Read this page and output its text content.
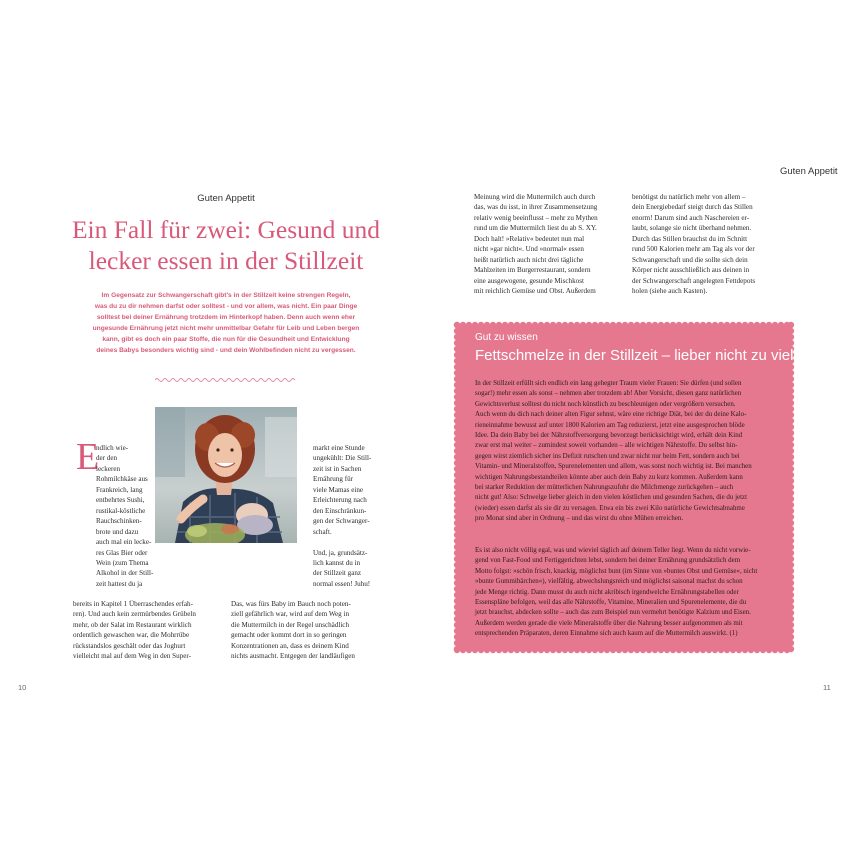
Guten Appetit
Ein Fall für zwei: Gesund und
lecker essen in der Stillzeit
Im Gegensatz zur Schwangerschaft gibt's in der Stillzeit keine strengen Regeln,
was du zu dir nehmen darfst oder solltest - und vor allem, was nicht. Ein paar Dinge
solltest bei deiner Ernährung trotzdem im Hinterkopf haben. Denn auch wenn eher
ungesunde Ernährung jetzt nicht mehr unmittelbar Gefahr für Leib und Leben bergen
kann, gibt es doch ein paar Stoffe, die nun für die Gesundheit und Entwicklung
deines Babys besonders wichtig sind - und dein Wohlbefinden nicht zu vergessen.
E
ndlich wie-
der den
leckeren
Rohmilchkäse aus
Frankreich, lang
entbehrtes Sushi,
rustikal-köstliche
Rauchschinken-
brote und dazu
auch mal ein lecke-
res Glas Bier oder
Wein (zum Thema
Alkohol in der Still-
zeit hattest du ja
bereits in Kapitel 1 Überraschendes erfah-
ren). Und auch kein zermürbendes Grübeln
mehr, ob der Salat im Restaurant wirklich
ordentlich gewaschen war, die Mohrrübe
rückstandslos geschält oder das Joghurt
vielleicht mal auf dem Weg in den Super-
markt eine Stunde
ungekühlt: Die Still-
zeit ist in Sachen
Ernährung für
viele Mamas eine
Erleichterung nach
den Einschränkun-
gen der Schwanger-
schaft.
Und, ja, grundsätz-
lich kannst du in
der Stillzeit ganz
normal essen! Juhu!
Das, was fürs Baby im Bauch noch poten-
ziell gefährlich war, wird auf dem Weg in
die Muttermilch in der Regel unschädlich
gemacht oder kommt dort in so geringen
Konzentrationen an, dass es deinem Kind
nichts ausmacht. Entgegen der landläufigen
10
Guten Appetit
Meinung wird die Muttermilch auch durch
das, was du isst, in ihrer Zusammensetzung
relativ wenig beeinflusst – mehr zu Mythen
rund um die Muttermilch liest du ab S. XY.
Doch halt! »Relativ« bedeutet nun mal
nicht »gar nicht«. Und »normal« essen
heißt natürlich auch nicht drei tägliche
Mahlzeiten im Burgerrestaurant, sondern
eine ausgewogene, gesunde Mischkost
mit reichlich Gemüse und Obst. Außerdem
benötigst du natürlich mehr von allem –
dein Energiebedarf steigt durch das Stillen
enorm! Darum sind auch Naschereien er-
laubt, solange sie nicht überhand nehmen.
Durch das Stillen brauchst du im Schnitt
rund 500 Kalorien mehr am Tag als vor der
Schwangerschaft und die sollte sich dein
Körper nicht ausschließlich aus deinen in
der Schwangerschaft angelegten Fettdepots
holen (siehe auch Kasten).
Gut zu wissen
Fettschmelze in der Stillzeit – lieber nicht zu viel!
In der Stillzeit erfüllt sich endlich ein lang gehegter Traum vieler Frauen: Sie dürfen (und sollen
sogar!) mehr essen als sonst – nehmen aber trotzdem ab! Aber Vorsicht, diesen ganz natürlichen
Gewichtsverlust solltest du nicht noch künstlich zu beschleunigen oder vergrößern versuchen.
Auch wenn du dich nach deiner alten Figur sehnst, wäre eine richtige Diät, bei der du deine Kalo-
rieneinnahme bewusst auf unter 1800 Kalorien am Tag reduzierst, jetzt eine ausgesprochen blöde
Idee. Da dein Baby bei der Nährstoffversorgung bevorzugt berücksichtigt wird, erhält dein Kind
zwar erst mal weiter – zumindest soweit vorhanden – alle wichtigen Nährstoffe. Du selbst hin-
gegen wirst ziemlich sicher ins Defizit rutschen und zwar nicht nur beim Fett, sondern auch bei
Vitamin- und Mineralstoffen, Spurenelementen und allem, was sonst noch wichtig ist. Bei manchen
wichtigen Nahrungsbestandteilen könnte aber auch dein Baby zu kurz kommen. Außerdem kann
bei starker Reduktion der mütterlichen Nahrungszufuhr die Milchmenge zurückgehen – auch
nicht gut! Also: Schwelge lieber gleich in den vielen köstlichen und gesunden Sachen, die du jetzt
(wieder) essen darfst als sie dir zu versagen. Etwa ein bis zwei Kilo natürliche Gewichtsabnahme
pro Monat sind aber in Ordnung – und das wirst du ohne Mühen erreichen.
Es ist also nicht völlig egal, was und wieviel täglich auf deinem Teller liegt. Wenn du nicht vorwie-
gend von Fast-Food und Fertiggerichten lebst, sondern bei deiner Ernährung grundsätzlich dem
Motto folgst: »schön frisch, knackig, möglichst bunt (im Sinne von »buntes Obst und Gemüse«, nicht
»bunte Gummibärchen«), vielfältig, abwechslungsreich und möglichst saisonal machst du schon
jede Menge richtig. Dann musst du auch nicht akribisch irgendwelche Ernährungstabellen oder
Essenspläne befolgen, weil das alle Nährstoffe, Vitamine, Mineralien und Spurenelemente, die du
jetzt brauchst, abdecken sollte – auch das zum Beispiel nun vermehrt benötigte Kalzium und Eisen.
Außerdem werden gerade die viele Mineralstoffe über die Nahrung besser aufgenommen als mit
entsprechenden Präparaten, deren Einnahme sich auch kaum auf die Muttermilch auswirkt. (1)
11
